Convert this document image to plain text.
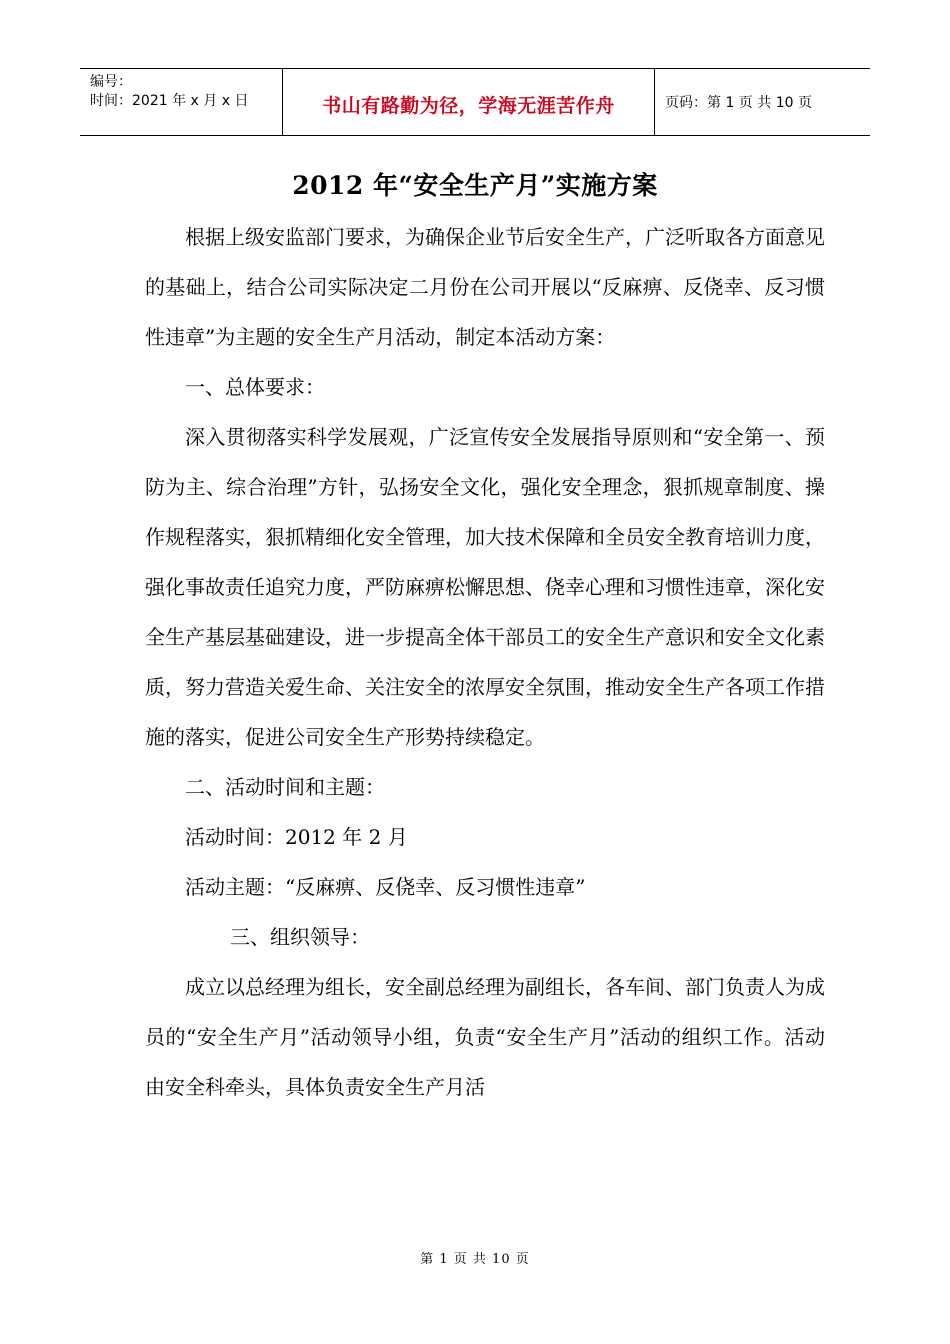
编号：
时间：2021 年 x 月 x 日	书山有路勤为径，学海无涯苦作舟	页码：第 1 页 共 10 页
2012 年“安全生产月”实施方案

根据上级安监部门要求，为确保企业节后安全生产，广泛听取各方面意见的基础上，结合公司实际决定二月份在公司开展以“反麻痹、反侥幸、反习惯性违章”为主题的安全生产月活动，制定本活动方案：

一、总体要求：

深入贯彻落实科学发展观，广泛宣传安全发展指导原则和“安全第一、预防为主、综合治理”方针，弘扬安全文化，强化安全理念，狠抓规章制度、操作规程落实，狠抓精细化安全管理，加大技术保障和全员安全教育培训力度，强化事故责任追究力度，严防麻痹松懈思想、侥幸心理和习惯性违章，深化安全生产基层基础建设，进一步提高全体干部员工的安全生产意识和安全文化素质，努力营造关爱生命、关注安全的浓厚安全氛围，推动安全生产各项工作措施的落实，促进公司安全生产形势持续稳定。

二、活动时间和主题：

活动时间：2012 年 2 月

活动主题：“反麻痹、反侥幸、反习惯性违章”

三、组织领导：

成立以总经理为组长，安全副总经理为副组长，各车间、部门负责人为成员的“安全生产月”活动领导小组，负责“安全生产月”活动的组织工作。活动由安全科牵头，具体负责安全生产月活

第 1 页 共 10 页
